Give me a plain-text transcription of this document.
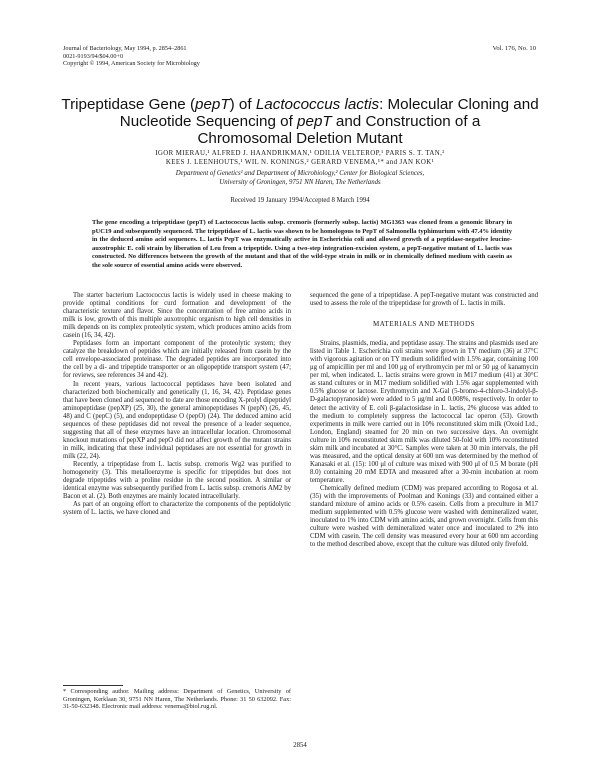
Journal of Bacteriology, May 1994, p. 2854–2861
0021-9193/94/$04.00+0
Copyright © 1994, American Society for Microbiology
Vol. 176, No. 10
Tripeptidase Gene (pepT) of Lactococcus lactis: Molecular Cloning and
Nucleotide Sequencing of pepT and Construction of a
Chromosomal Deletion Mutant
IGOR MIERAU,¹ ALFRED J. HAANDRIKMAN,¹ ODILIA VELTEROP,¹ PARIS S. T. TAN,²
KEES J. LEENHOUTS,¹ WIL N. KONINGS,² GERARD VENEMA,¹* and JAN KOK¹
Department of Genetics¹ and Department of Microbiology,² Center for Biological Sciences,
University of Groningen, 9751 NN Haren, The Netherlands
Received 19 January 1994/Accepted 8 March 1994
The gene encoding a tripeptidase (pepT) of Lactococcus lactis subsp. cremoris (formerly subsp. lactis) MG1363 was cloned from a genomic library in pUC19 and subsequently sequenced. The tripeptidase of L. lactis was shown to be homologous to PepT of Salmonella typhimurium with 47.4% identity in the deduced amino acid sequences. L. lactis PepT was enzymatically active in Escherichia coli and allowed growth of a peptidase-negative leucine-auxotrophic E. coli strain by liberation of Leu from a tripeptide. Using a two-step integration-excision system, a pepT-negative mutant of L. lactis was constructed. No differences between the growth of the mutant and that of the wild-type strain in milk or in chemically defined medium with casein as the sole source of essential amino acids were observed.

The starter bacterium Lactococcus lactis is widely used in cheese making to provide optimal conditions for curd formation and development of the characteristic texture and flavor. Since the concentration of free amino acids in milk is low, growth of this multiple auxotrophic organism to high cell densities in milk depends on its complex proteolytic system, which produces amino acids from casein (16, 34, 42).

Peptidases form an important component of the proteolytic system; they catalyze the breakdown of peptides which are initially released from casein by the cell envelope-associated proteinase. The degraded peptides are incorporated into the cell by a di- and tripeptide transporter or an oligopeptide transport system (47; for reviews, see references 34 and 42).

In recent years, various lactococcal peptidases have been isolated and characterized both biochemically and genetically (1, 16, 34, 42). Peptidase genes that have been cloned and sequenced to date are those encoding X-prolyl dipeptidyl aminopeptidase (pepXP) (25, 30), the general aminopeptidases N (pepN) (26, 45, 48) and C (pepC) (5), and endopeptidase O (pepO) (24). The deduced amino acid sequences of these peptidases did not reveal the presence of a leader sequence, suggesting that all of these enzymes have an intracellular location. Chromosomal knockout mutations of pepXP and pepO did not affect growth of the mutant strains in milk, indicating that these individual peptidases are not essential for growth in milk (22, 24).

Recently, a tripeptidase from L. lactis subsp. cremoris Wg2 was purified to homogeneity (3). This metalloenzyme is specific for tripeptides but does not degrade tripeptides with a proline residue in the second position. A similar or identical enzyme was subsequently purified from L. lactis subsp. cremoris AM2 by Bacon et al. (2). Both enzymes are mainly located intracellularly.

As part of an ongoing effort to characterize the components of the peptidolytic system of L. lactis, we have cloned and

sequenced the gene of a tripeptidase. A pepT-negative mutant was constructed and used to assess the role of the tripeptidase for growth of L. lactis in milk.

MATERIALS AND METHODS

Strains, plasmids, media, and peptidase assay. The strains and plasmids used are listed in Table 1. Escherichia coli strains were grown in TY medium (36) at 37°C with vigorous agitation or on TY medium solidified with 1.5% agar, containing 100 μg of ampicillin per ml and 100 μg of erythromycin per ml or 50 μg of kanamycin per ml, when indicated. L. lactis strains were grown in M17 medium (41) at 30°C as stand cultures or in M17 medium solidified with 1.5% agar supplemented with 0.5% glucose or lactose. Erythromycin and X-Gal (5-bromo-4-chloro-3-indolyl-β-D-galactopyranoside) were added to 5 μg/ml and 0.008%, respectively. In order to detect the activity of E. coli β-galactosidase in L. lactis, 2% glucose was added to the medium to completely suppress the lactococcal lac operon (53). Growth experiments in milk were carried out in 10% reconstituted skim milk (Oxoid Ltd., London, England) steamed for 20 min on two successive days. An overnight culture in 10% reconstituted skim milk was diluted 50-fold with 10% reconstituted skim milk and incubated at 30°C. Samples were taken at 30 min intervals, the pH was measured, and the optical density at 600 nm was determined by the method of Kanasaki et al. (15): 100 μl of culture was mixed with 900 μl of 0.5 M borate (pH 8.0) containing 20 mM EDTA and measured after a 30-min incubation at room temperature.

Chemically defined medium (CDM) was prepared according to Rogosa et al. (35) with the improvements of Poolman and Konings (33) and contained either a standard mixture of amino acids or 0.5% casein. Cells from a preculture in M17 medium supplemented with 0.5% glucose were washed with demineralized water, inoculated to 1% into CDM with amino acids, and grown overnight. Cells from this culture were washed with demineralized water once and inoculated to 2% into CDM with casein. The cell density was measured every hour at 600 nm according to the method described above, except that the culture was diluted only fivefold.

* Corresponding author. Mailing address: Department of Genetics, University of Groningen, Kerklaan 30, 9751 NN Haren, The Netherlands. Phone: 31 50 632092. Fax: 31-50-632348. Electronic mail address: venema@biol.rug.nl.
2854
